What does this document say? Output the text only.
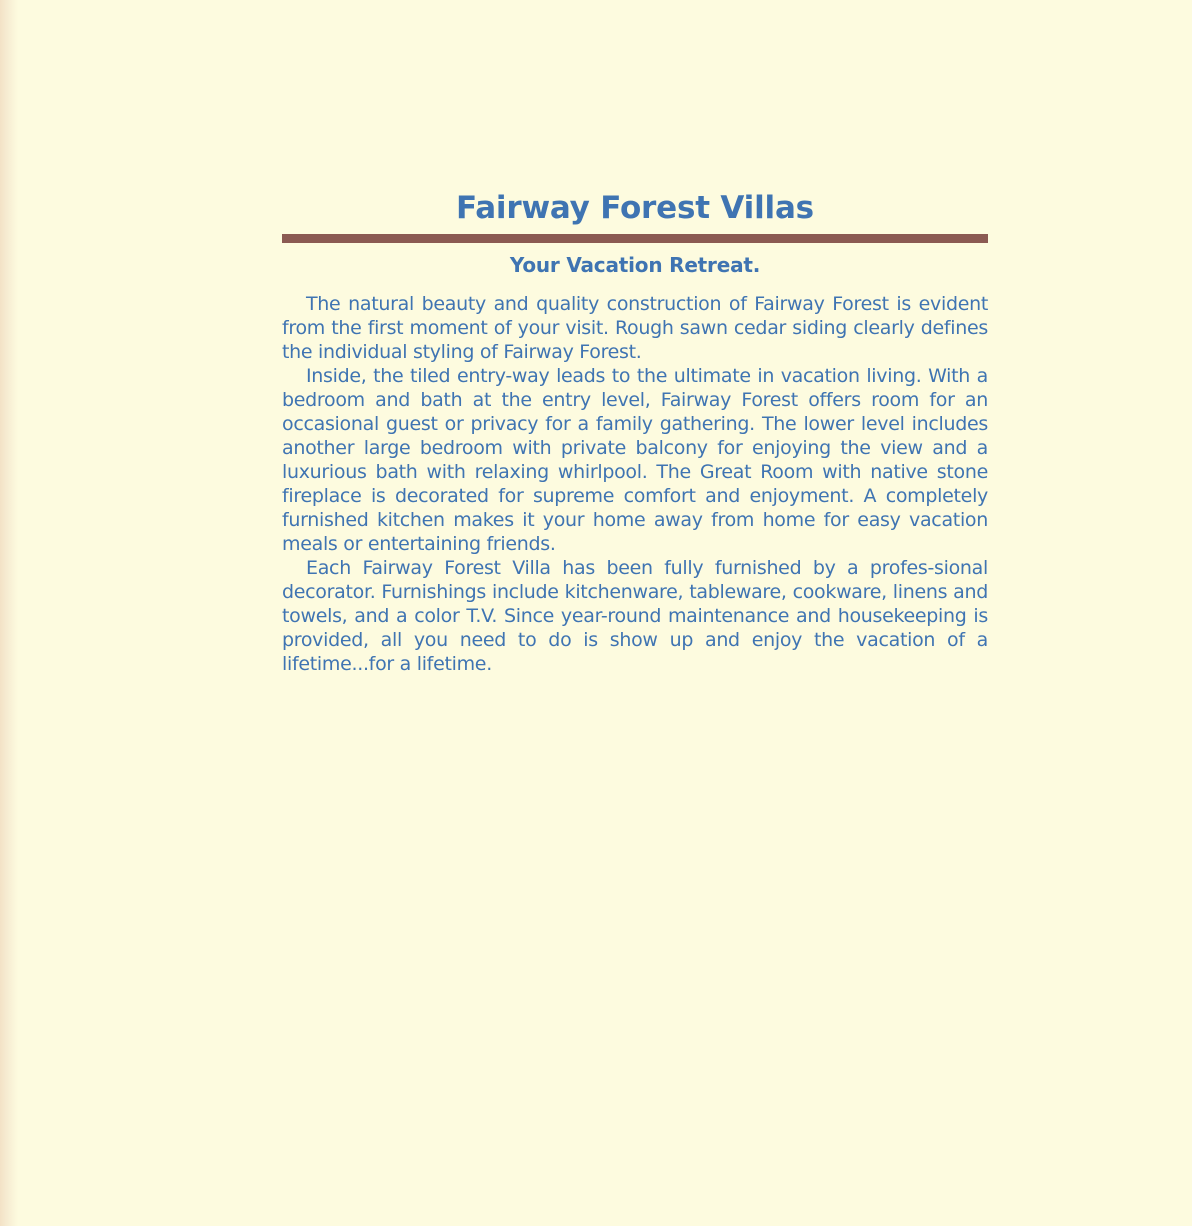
Fairway Forest Villas
Your Vacation Retreat.

The natural beauty and quality construction of Fairway Forest is evident from the first moment of your visit. Rough sawn cedar siding clearly defines the individual styling of Fairway Forest.

Inside, the tiled entry-way leads to the ultimate in vacation living. With a bedroom and bath at the entry level, Fairway Forest offers room for an occasional guest or privacy for a family gathering. The lower level includes another large bedroom with private balcony for enjoying the view and a luxurious bath with relaxing whirlpool. The Great Room with native stone fireplace is decorated for supreme comfort and enjoyment. A completely furnished kitchen makes it your home away from home for easy vacation meals or entertaining friends.

Each Fairway Forest Villa has been fully furnished by a profes-sional decorator. Furnishings include kitchenware, tableware, cookware, linens and towels, and a color T.V. Since year-round maintenance and housekeeping is provided, all you need to do is show up and enjoy the vacation of a lifetime...for a lifetime.
